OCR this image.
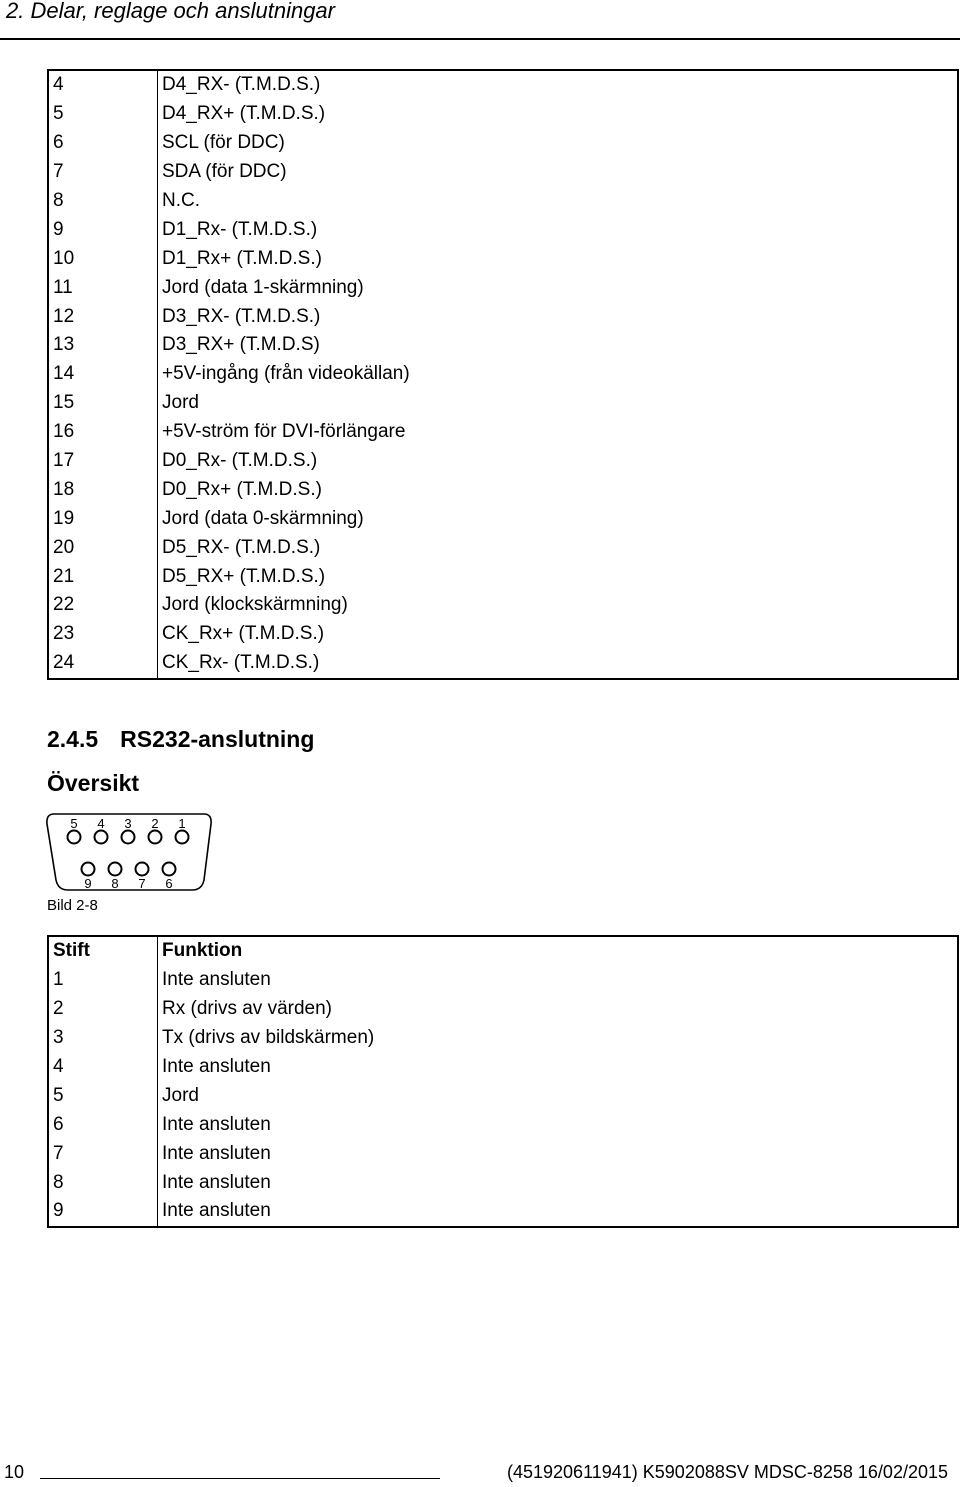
2. Delar, reglage och anslutningar
4	D4_RX- (T.M.D.S.)
5	D4_RX+ (T.M.D.S.)
6	SCL (för DDC)
7	SDA (för DDC)
8	N.C.
9	D1_Rx- (T.M.D.S.)
10	D1_Rx+ (T.M.D.S.)
11	Jord (data 1-skärmning)
12	D3_RX- (T.M.D.S.)
13	D3_RX+ (T.M.D.S)
14	+5V-ingång (från videokällan)
15	Jord
16	+5V-ström för DVI-förlängare
17	D0_Rx- (T.M.D.S.)
18	D0_Rx+ (T.M.D.S.)
19	Jord (data 0-skärmning)
20	D5_RX- (T.M.D.S.)
21	D5_RX+ (T.M.D.S.)
22	Jord (klockskärmning)
23	CK_Rx+ (T.M.D.S.)
24	CK_Rx- (T.M.D.S.)
2.4.5 RS232-anslutning
Översikt
5 4 3 2 1
9 8 7 6
Bild 2-8
Stift	Funktion
1	Inte ansluten
2	Rx (drivs av värden)
3	Tx (drivs av bildskärmen)
4	Inte ansluten
5	Jord
6	Inte ansluten
7	Inte ansluten
8	Inte ansluten
9	Inte ansluten
10	(451920611941) K5902088SV MDSC-8258 16/02/2015
